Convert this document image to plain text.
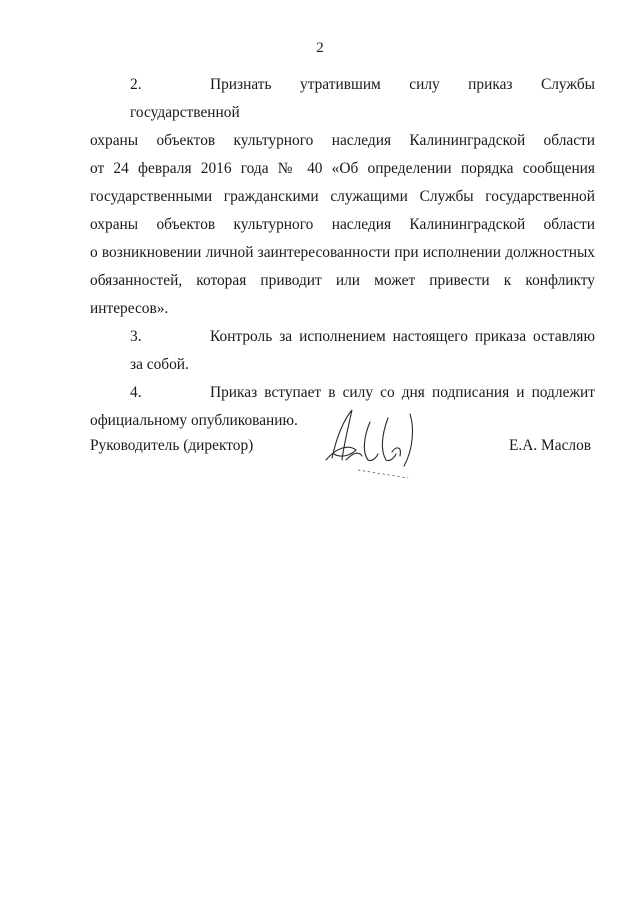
2
2.	Признать утратившим силу приказ Службы государственной
охраны объектов культурного наследия Калининградской области
от 24 февраля 2016 года № 40 «Об определении порядка сообщения
государственными гражданскими служащими Службы государственной
охраны объектов культурного наследия Калининградской области
о возникновении личной заинтересованности при исполнении должностных
обязанностей, которая приводит или может привести к конфликту
интересов».
3.	Контроль за исполнением настоящего приказа оставляю за собой.
4.	Приказ вступает в силу со дня подписания и подлежит
официальному опубликованию.
Руководитель (директор)	Е.А. Маслов
